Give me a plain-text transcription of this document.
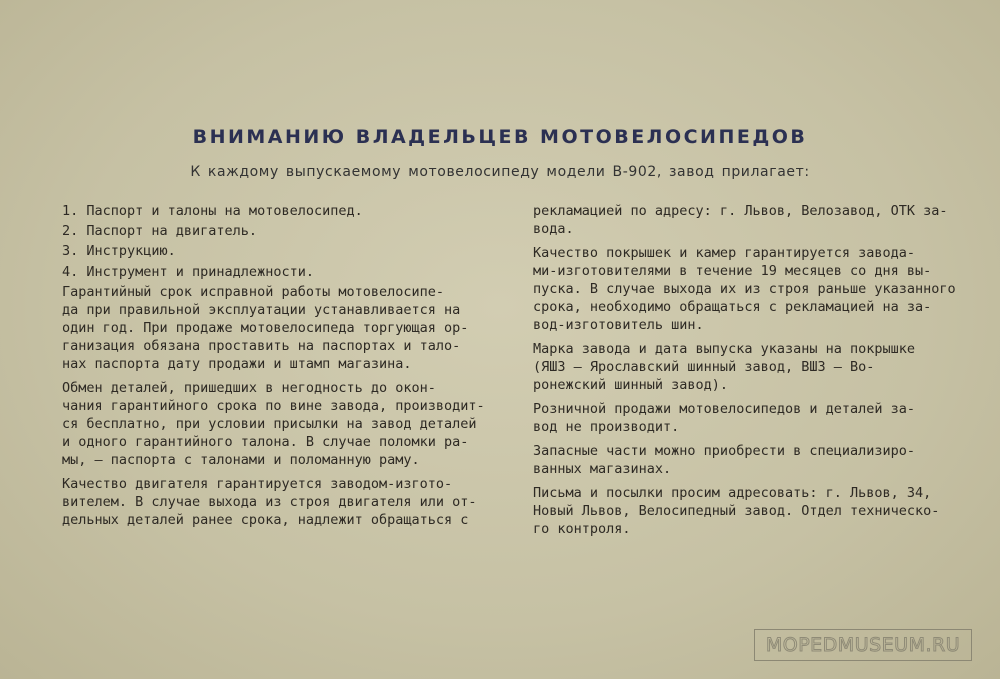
ВНИМАНИЮ ВЛАДЕЛЬЦЕВ МОТОВЕЛОСИПЕДОВ
К каждому выпускаемому мотовелосипеду модели В-902, завод прилагает:
1. Паспорт и талоны на мотовелосипед.
2. Паспорт на двигатель.
3. Инструкцию.
4. Инструмент и принадлежности.
Гарантийный срок исправной работы мотовелосипе-
да при правильной эксплуатации устанавливается на
один год. При продаже мотовелосипеда торгующая ор-
ганизация обязана проставить на паспортах и тало-
нах паспорта дату продажи и штамп магазина.
Обмен деталей, пришедших в негодность до окон-
чания гарантийного срока по вине завода, производит-
ся бесплатно, при условии присылки на завод деталей
и одного гарантийного талона. В случае поломки ра-
мы, — паспорта с талонами и поломанную раму.
Качество двигателя гарантируется заводом-изгото-
вителем. В случае выхода из строя двигателя или от-
дельных деталей ранее срока, надлежит обращаться с
рекламацией по адресу: г. Львов, Велозавод, ОТК за-
вода.
Качество покрышек и камер гарантируется завода-
ми-изготовителями в течение 19 месяцев со дня вы-
пуска. В случае выхода их из строя раньше указанного
срока, необходимо обращаться с рекламацией на за-
вод-изготовитель шин.
Марка завода и дата выпуска указаны на покрышке
(ЯШЗ — Ярославский шинный завод, ВШЗ — Во-
ронежский шинный завод).
Розничной продажи мотовелосипедов и деталей за-
вод не производит.
Запасные части можно приобрести в специализиро-
ванных магазинах.
Письма и посылки просим адресовать: г. Львов, 34,
Новый Львов, Велосипедный завод. Отдел техническо-
го контроля.
MOPEDMUSEUM.RU
